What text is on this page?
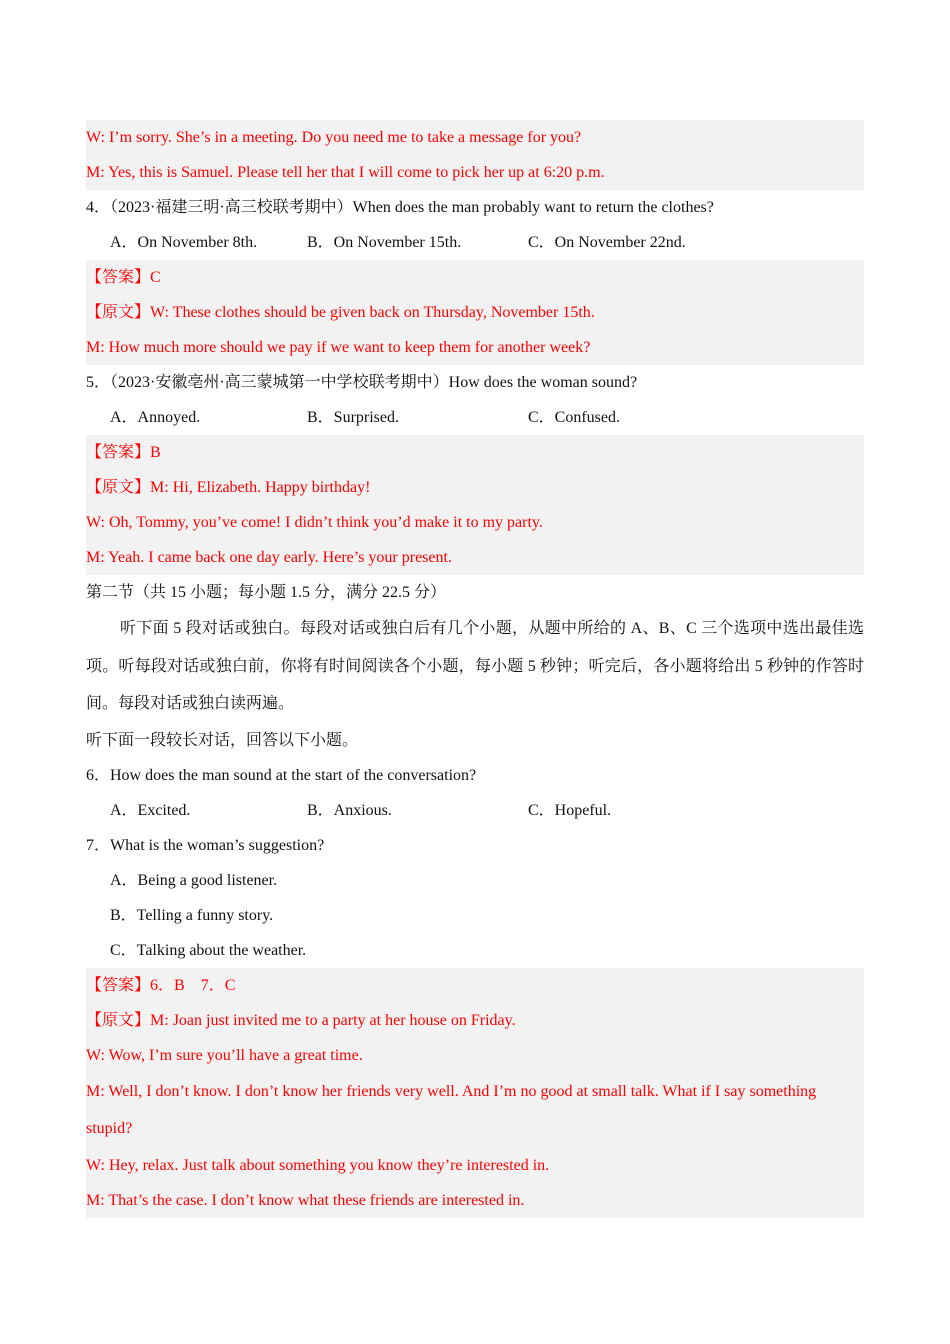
W: I’m sorry. She’s in a meeting. Do you need me to take a message for you?
M: Yes, this is Samuel. Please tell her that I will come to pick her up at 6:20 p.m.
4．（2023·福建三明·高三校联考期中）When does the man probably want to return the clothes?
A．On November 8th.	B．On November 15th.	C．On November 22nd.
【答案】C
【原文】W: These clothes should be given back on Thursday, November 15th.
M: How much more should we pay if we want to keep them for another week?
5．（2023·安徽亳州·高三蒙城第一中学校联考期中）How does the woman sound?
A．Annoyed.	B．Surprised.	C．Confused.
【答案】B
【原文】M: Hi, Elizabeth. Happy birthday!
W: Oh, Tommy, you’ve come! I didn’t think you’d make it to my party.
M: Yeah. I came back one day early. Here’s your present.
第二节（共 15 小题；每小题 1.5 分，满分 22.5 分）
听下面 5 段对话或独白。每段对话或独白后有几个小题，从题中所给的 A、B、C 三个选项中选出最佳选项。听每段对话或独白前，你将有时间阅读各个小题，每小题 5 秒钟；听完后，各小题将给出 5 秒钟的作答时间。每段对话或独白读两遍。
听下面一段较长对话，回答以下小题。
6．How does the man sound at the start of the conversation?
A．Excited.	B．Anxious.	C．Hopeful.
7．What is the woman’s suggestion?
A．Being a good listener.
B．Telling a funny story.
C．Talking about the weather.
【答案】6．B　7．C
【原文】M: Joan just invited me to a party at her house on Friday.
W: Wow, I’m sure you’ll have a great time.
M: Well, I don’t know. I don’t know her friends very well. And I’m no good at small talk. What if I say something stupid?
W: Hey, relax. Just talk about something you know they’re interested in.
M: That’s the case. I don’t know what these friends are interested in.
